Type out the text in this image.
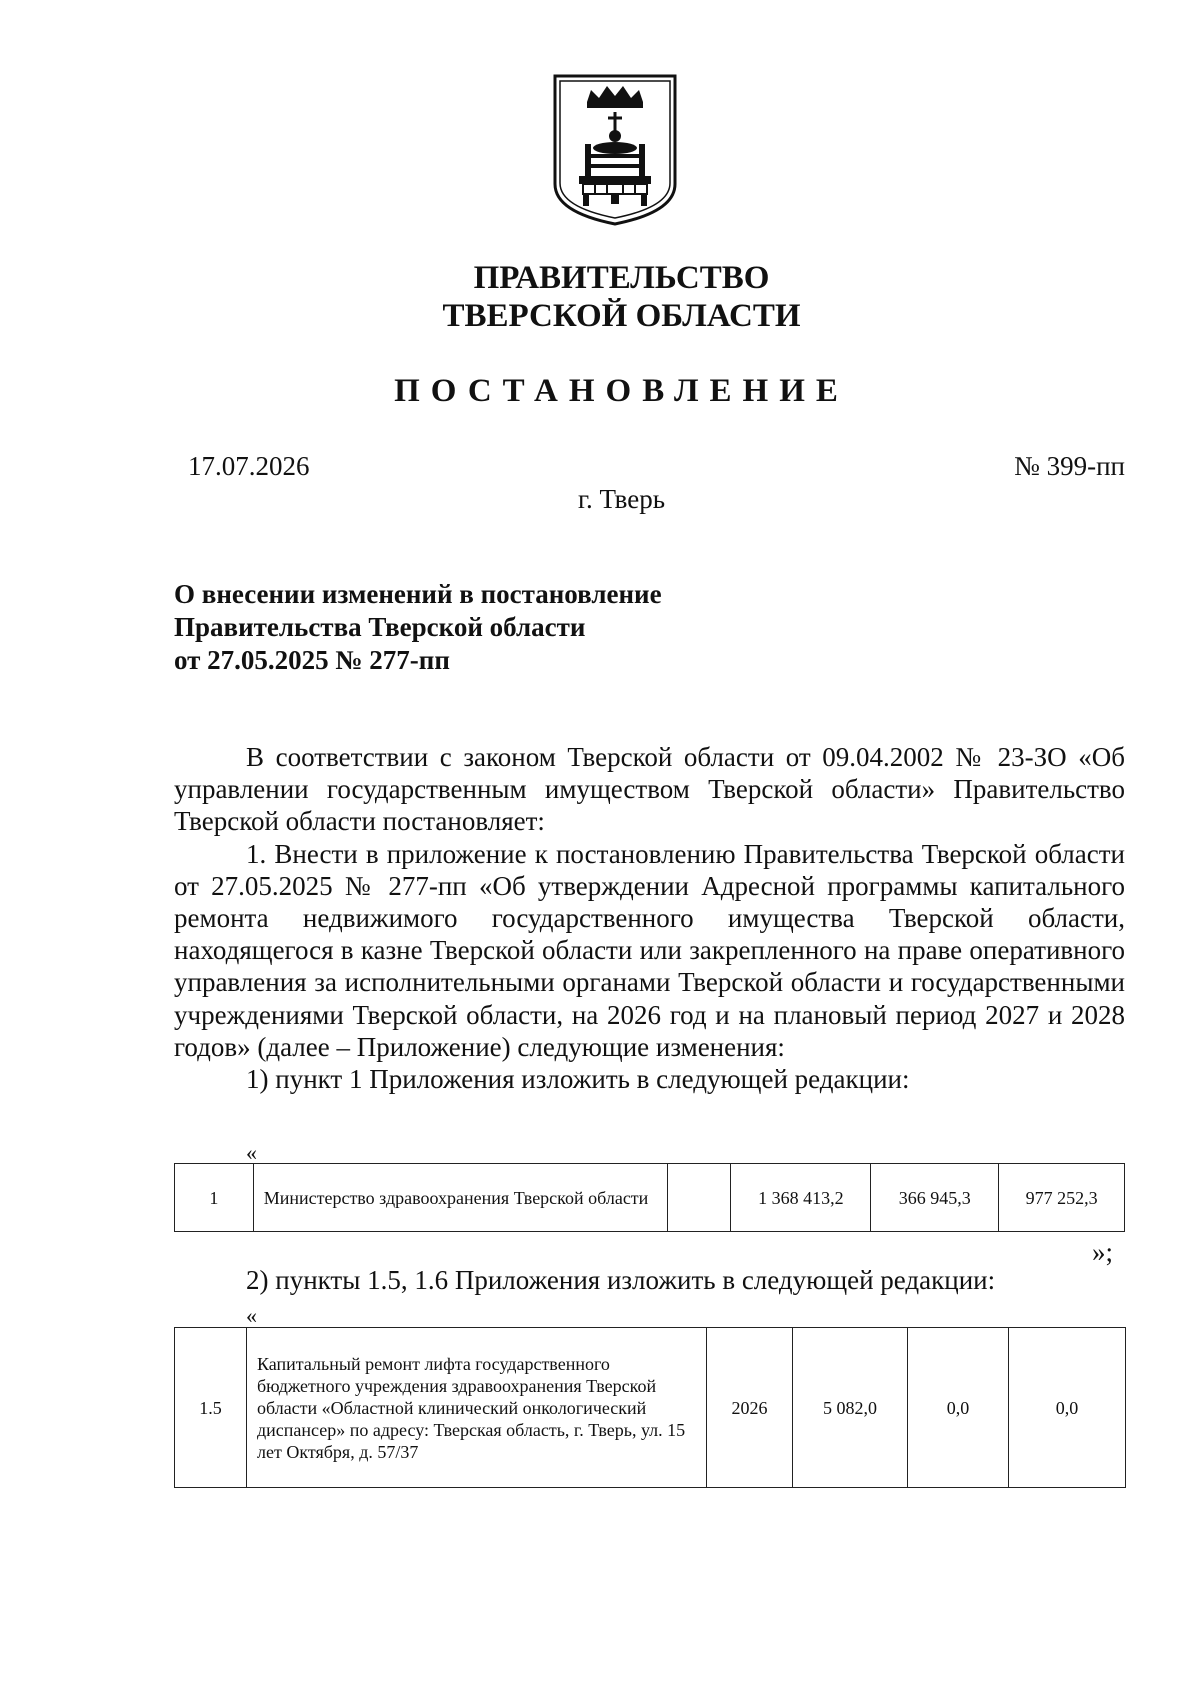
ПРАВИТЕЛЬСТВО
ТВЕРСКОЙ ОБЛАСТИ
ПОСТАНОВЛЕНИЕ
17.07.2026	№ 399-пп
г. Тверь
О внесении изменений в постановление
Правительства Тверской области
от 27.05.2025 № 277-пп

В соответствии с законом Тверской области от 09.04.2002 № 23-ЗО «Об управлении государственным имуществом Тверской области» Правительство Тверской области постановляет:

1. Внести в приложение к постановлению Правительства Тверской области от 27.05.2025 № 277-пп «Об утверждении Адресной программы капитального ремонта недвижимого государственного имущества Тверской области, находящегося в казне Тверской области или закрепленного на праве оперативного управления за исполнительными органами Тверской области и государственными учреждениями Тверской области, на 2026 год и на плановый период 2027 и 2028 годов» (далее – Приложение) следующие изменения:

1) пункт 1 Приложения изложить в следующей редакции:

«
1	Министерство здравоохранения Тверской области		1 368 413,2	366 945,3	977 252,3
»;

2) пункты 1.5, 1.6 Приложения изложить в следующей редакции:

«
1.5	Капитальный ремонт лифта государственного бюджетного учреждения здравоохранения Тверской области «Областной клинический онкологический диспансер» по адресу: Тверская область, г. Тверь, ул. 15 лет Октября, д. 57/37	2026	5 082,0	0,0	0,0
